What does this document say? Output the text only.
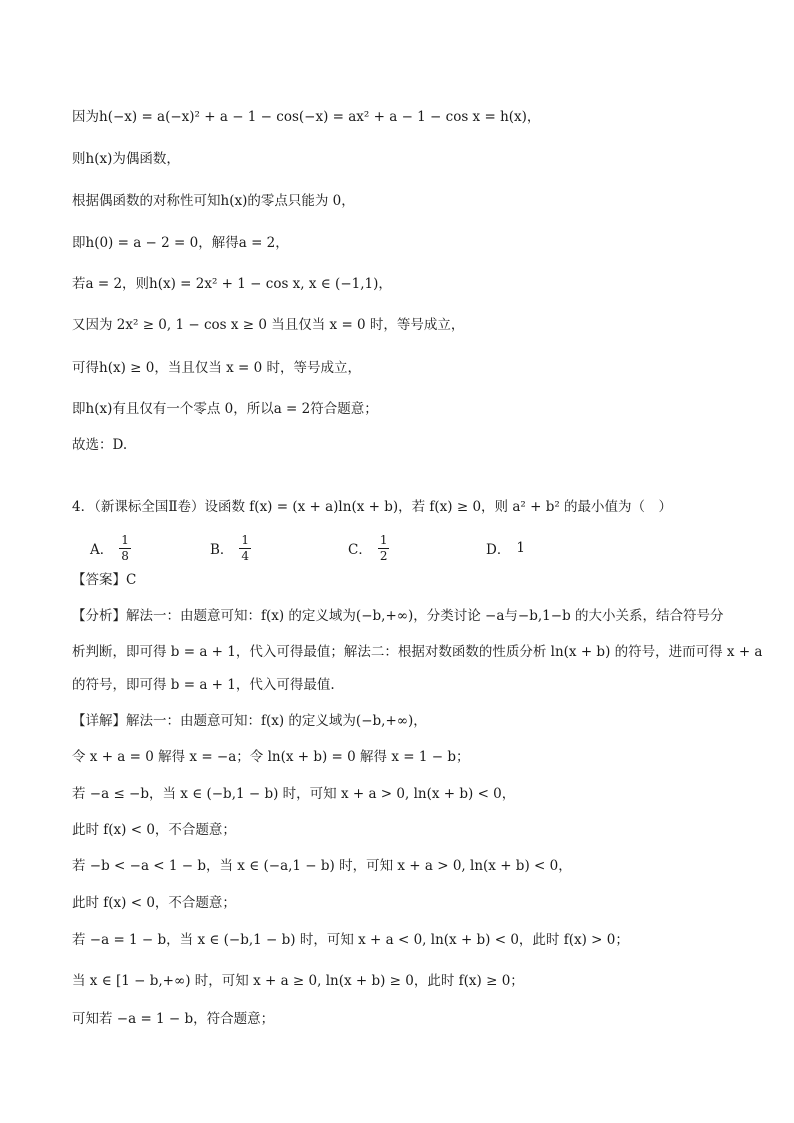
因为h(−x) = a(−x)² + a − 1 − cos(−x) = ax² + a − 1 − cos x = h(x)，
则h(x)为偶函数，
根据偶函数的对称性可知h(x)的零点只能为 0，
即h(0) = a − 2 = 0，解得a = 2，
若a = 2，则h(x) = 2x² + 1 − cos x, x ∈ (−1,1)，
又因为 2x² ≥ 0, 1 − cos x ≥ 0 当且仅当 x = 0 时，等号成立，
可得h(x) ≥ 0，当且仅当 x = 0 时，等号成立，
即h(x)有且仅有一个零点 0，所以a = 2符合题意；
故选：D.
4．（新课标全国Ⅱ卷）设函数 f(x) = (x + a)ln(x + b)，若 f(x) ≥ 0，则 a² + b² 的最小值为（　）
A． $\frac{1}{8}$	B． $\frac{1}{4}$	C． $\frac{1}{2}$	D． 1
【答案】C
【分析】解法一：由题意可知：f(x) 的定义域为(−b,+∞)，分类讨论 −a与−b,1−b 的大小关系，结合符号分
析判断，即可得 b = a + 1，代入可得最值；解法二：根据对数函数的性质分析 ln(x + b) 的符号，进而可得 x + a
的符号，即可得 b = a + 1，代入可得最值.
【详解】解法一：由题意可知：f(x) 的定义域为(−b,+∞)，
令 x + a = 0 解得 x = −a；令 ln(x + b) = 0 解得 x = 1 − b；
若 −a ≤ −b，当 x ∈ (−b,1 − b) 时，可知 x + a > 0, ln(x + b) < 0，
此时 f(x) < 0，不合题意；
若 −b < −a < 1 − b，当 x ∈ (−a,1 − b) 时，可知 x + a > 0, ln(x + b) < 0，
此时 f(x) < 0，不合题意；
若 −a = 1 − b，当 x ∈ (−b,1 − b) 时，可知 x + a < 0, ln(x + b) < 0，此时 f(x) > 0；
当 x ∈ [1 − b,+∞) 时，可知 x + a ≥ 0, ln(x + b) ≥ 0，此时 f(x) ≥ 0；
可知若 −a = 1 − b，符合题意；
